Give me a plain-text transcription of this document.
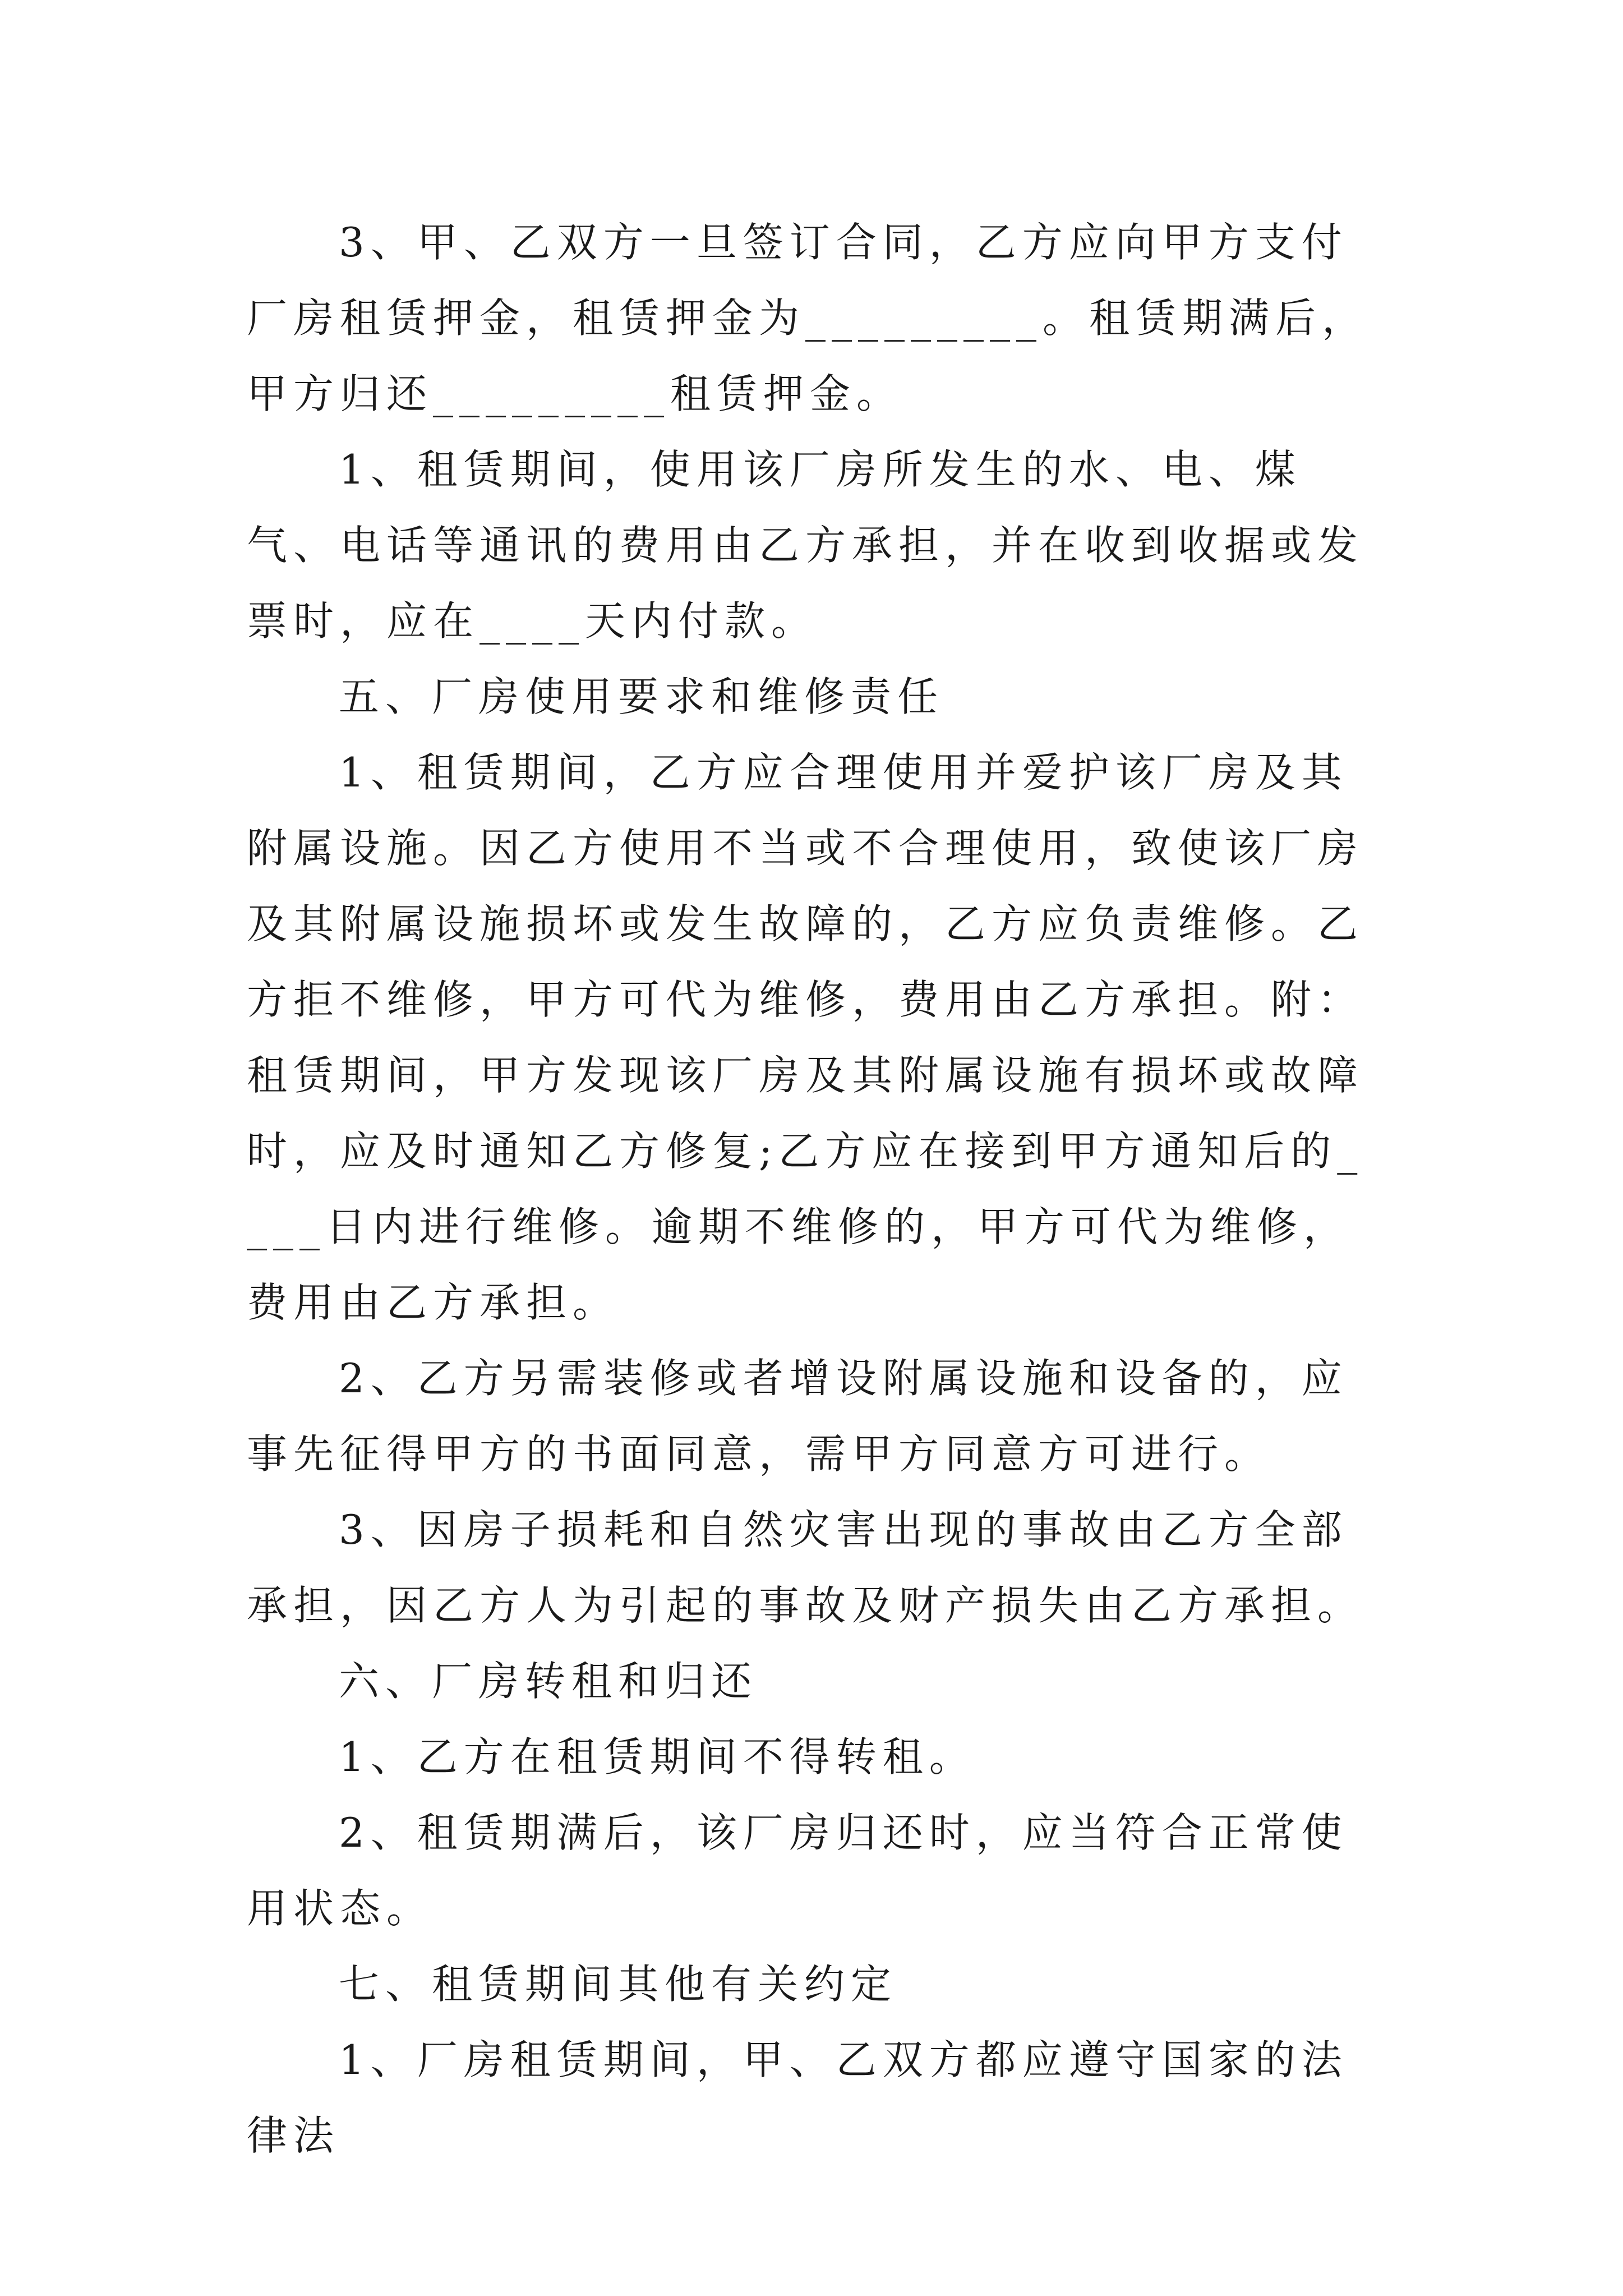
3、甲、乙双方一旦签订合同，乙方应向甲方支付厂房租赁押金，租赁押金为_________。租赁期满后，甲方归还_________租赁押金。

1、租赁期间，使用该厂房所发生的水、电、煤气、电话等通讯的费用由乙方承担，并在收到收据或发票时，应在____天内付款。

五、厂房使用要求和维修责任

1、租赁期间，乙方应合理使用并爱护该厂房及其附属设施。因乙方使用不当或不合理使用，致使该厂房及其附属设施损坏或发生故障的，乙方应负责维修。乙方拒不维修，甲方可代为维修，费用由乙方承担。附：租赁期间，甲方发现该厂房及其附属设施有损坏或故障时，应及时通知乙方修复;乙方应在接到甲方通知后的____日内进行维修。逾期不维修的，甲方可代为维修，费用由乙方承担。

2、乙方另需装修或者增设附属设施和设备的，应事先征得甲方的书面同意，需甲方同意方可进行。

3、因房子损耗和自然灾害出现的事故由乙方全部承担，因乙方人为引起的事故及财产损失由乙方承担。

六、厂房转租和归还

1、乙方在租赁期间不得转租。

2、租赁期满后，该厂房归还时，应当符合正常使用状态。

七、租赁期间其他有关约定

1、厂房租赁期间，甲、乙双方都应遵守国家的法律法
